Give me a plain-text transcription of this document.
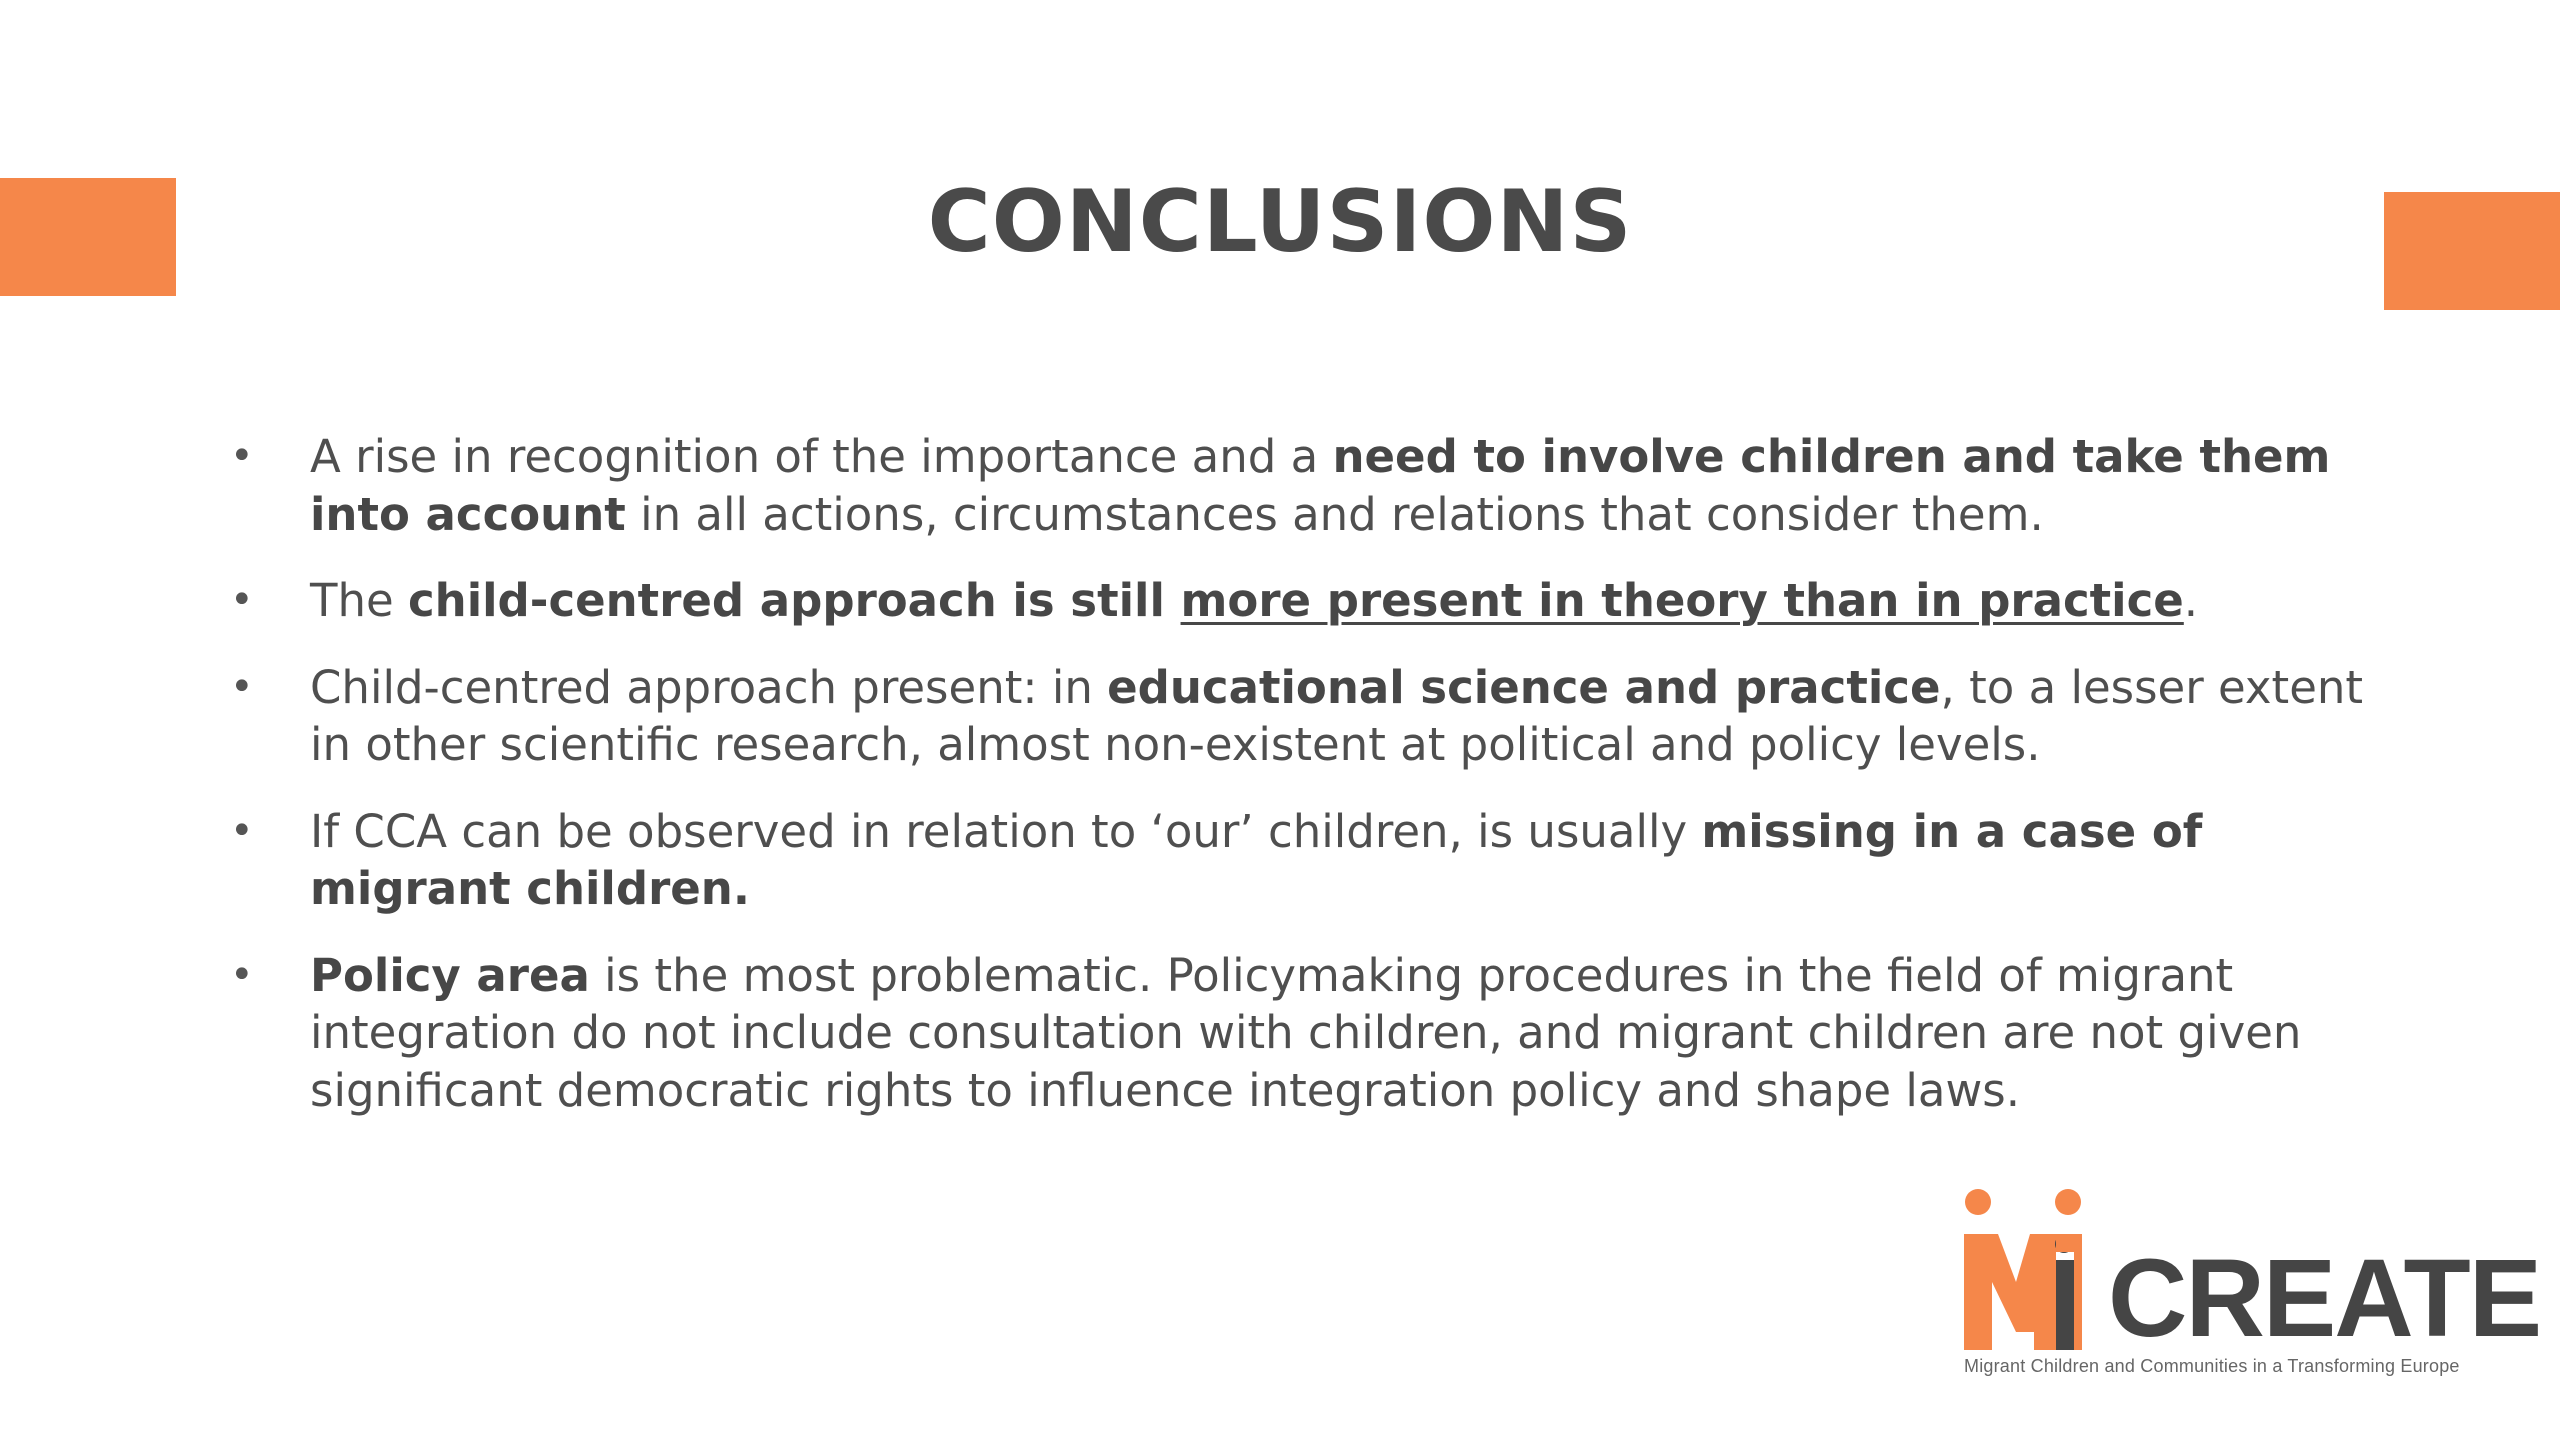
CONCLUSIONS
• A rise in recognition of the importance and a need to involve children and take them into account in all actions, circumstances and relations that consider them.
• The child-centred approach is still more present in theory than in practice.
• Child-centred approach present: in educational science and practice, to a lesser extent in other scientific research, almost non-existent at political and policy levels.
• If CCA can be observed in relation to ‘our’ children, is usually missing in a case of migrant children.
• Policy area is the most problematic. Policymaking procedures in the field of migrant integration do not include consultation with children, and migrant children are not given significant democratic rights to influence integration policy and shape laws.
CREATE
Migrant Children and Communities in a Transforming Europe
